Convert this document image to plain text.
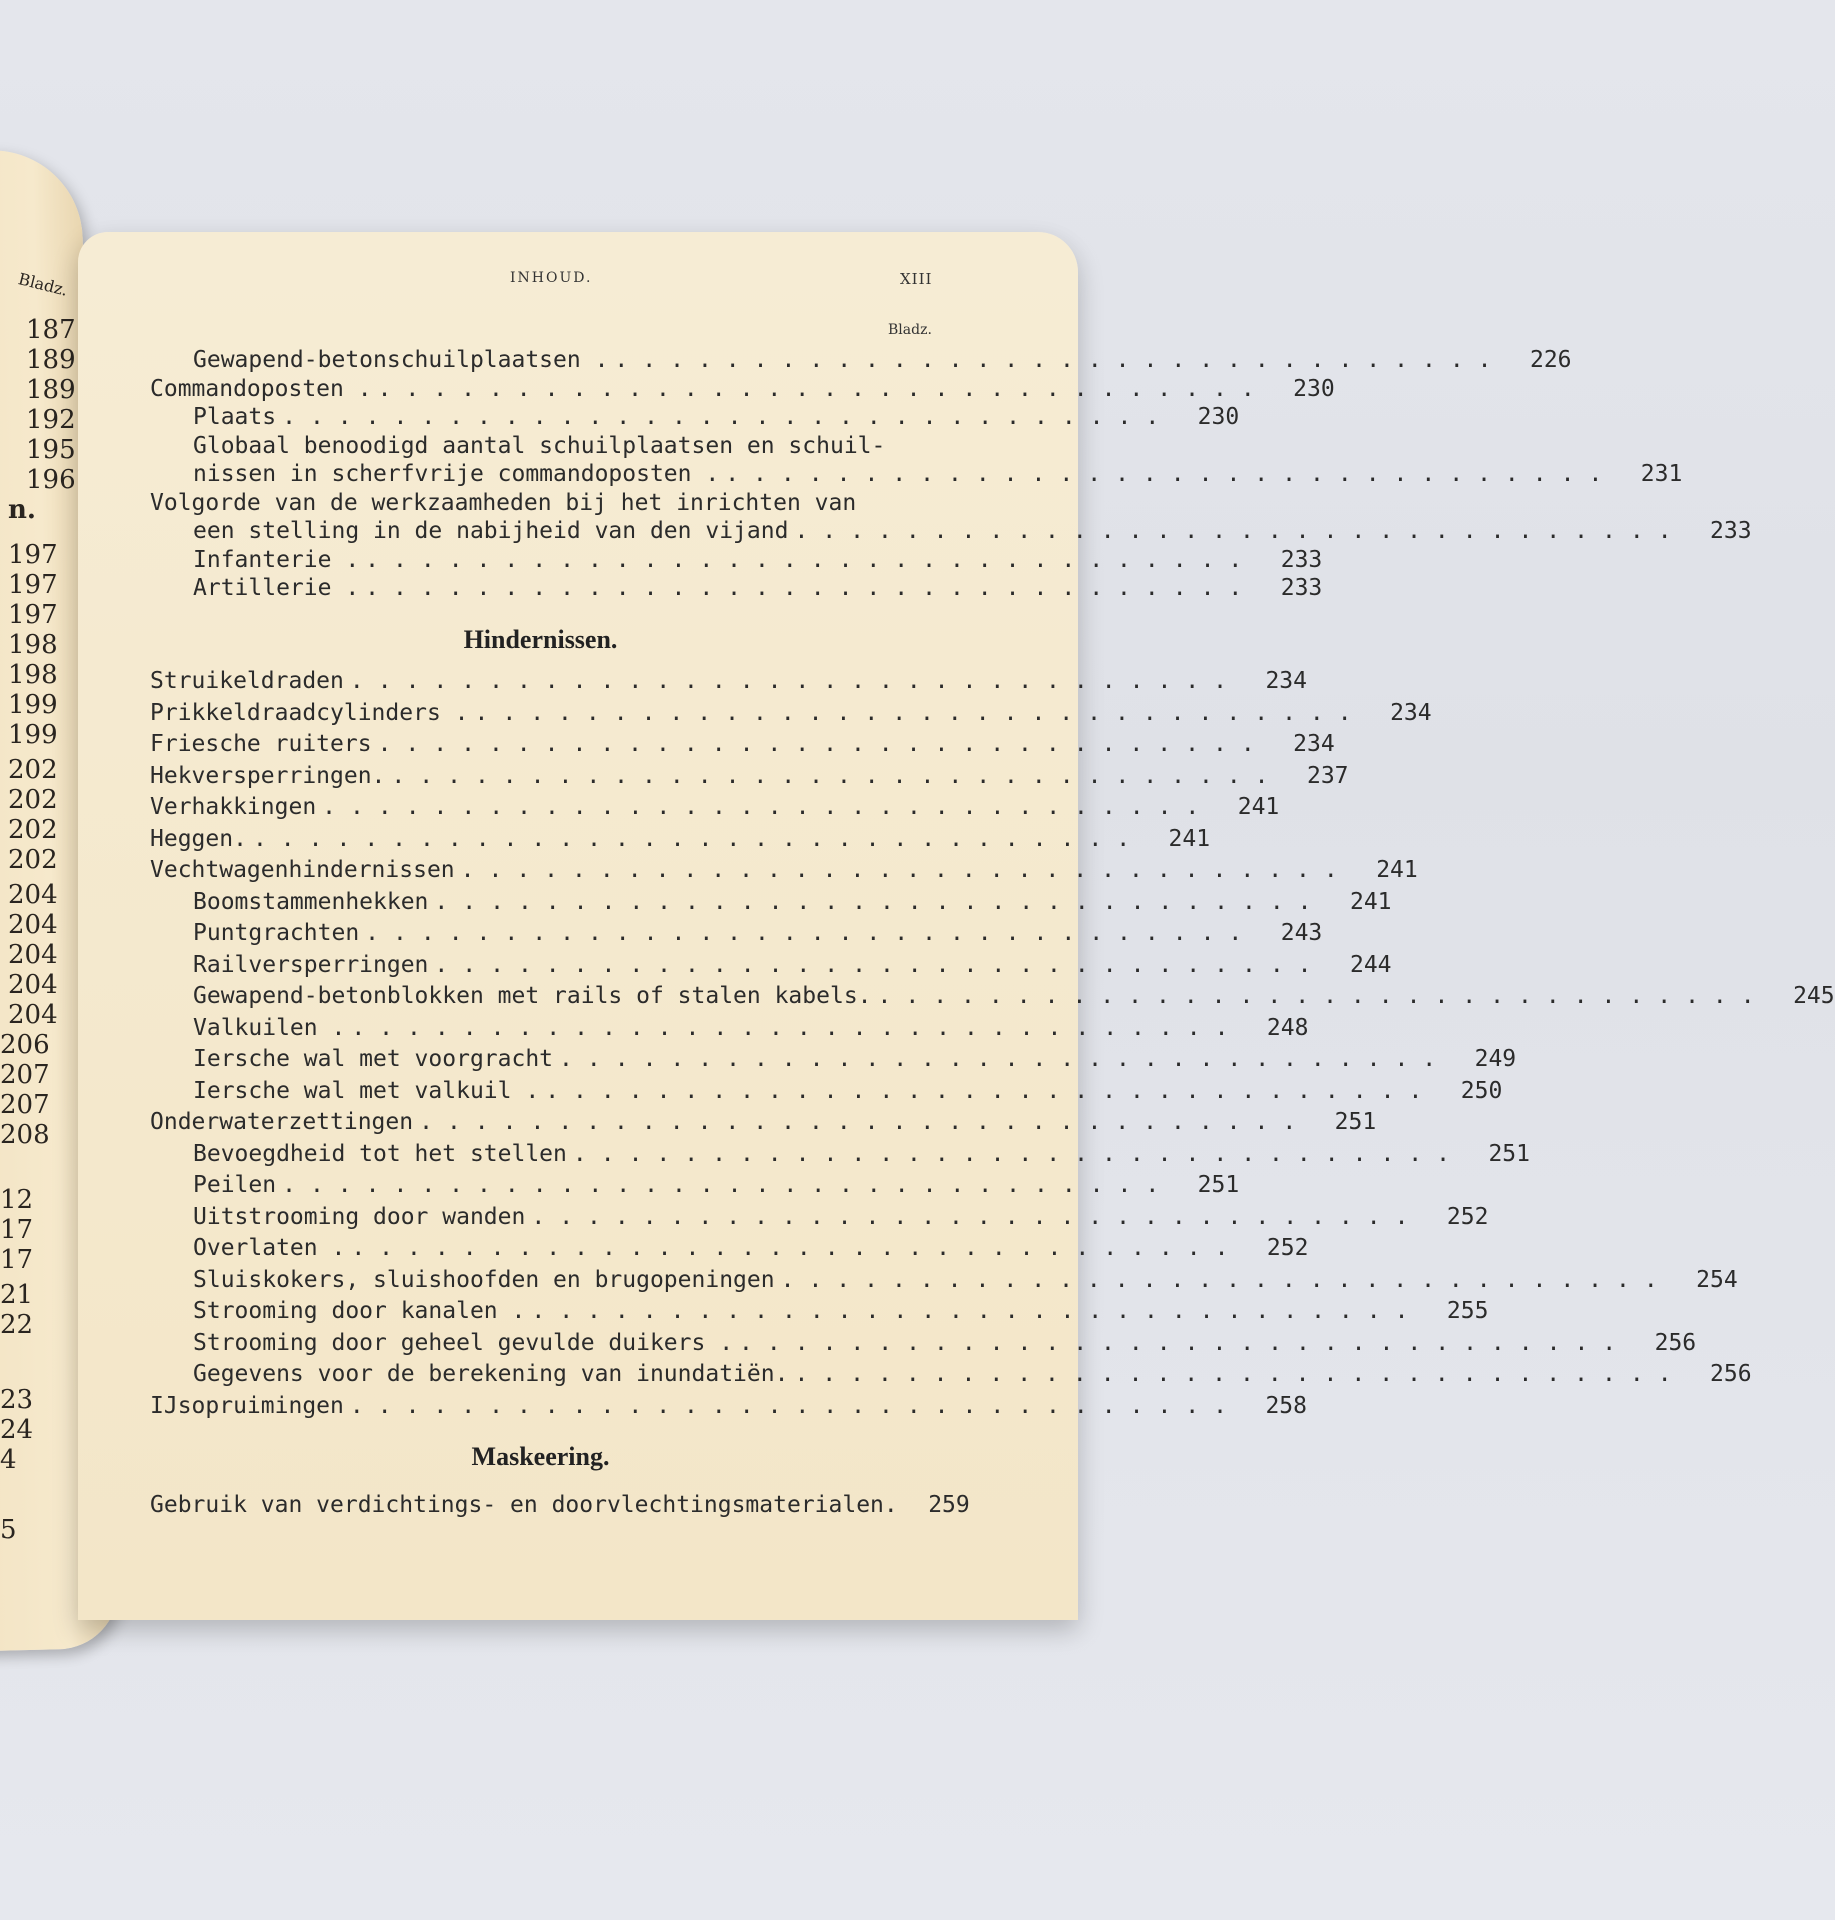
Bladz.
187
189
189
192
195
196
n.
197
197
197
198
198
199
199
202
202
202
202
204
204
204
204
204
206
207
207
208
12
17
17
21
22
23
24
4
5
INHOUD.	XIII
Bladz.
Gewapend-betonschuilplaatsen . ................................	226
Commandoposten . ................................	230
Plaats ................................	230
Globaal benoodigd aantal schuilplaatsen en schuil-
nissen in scherfvrije commandoposten . ................................	231
Volgorde van de werkzaamheden bij het inrichten van
een stelling in de nabijheid van den vijand ................................	233
Infanterie . ................................	233
Artillerie . ................................	233
Hindernissen.
Struikeldraden ................................	234
Prikkeldraadcylinders . ................................	234
Friesche ruiters ................................	234
Hekversperringen. ................................	237
Verhakkingen ................................	241
Heggen. ................................	241
Vechtwagenhindernissen ................................	241
Boomstammenhekken ................................	241
Puntgrachten ................................	243
Railversperringen ................................	244
Gewapend-betonblokken met rails of stalen kabels. ................................	245
Valkuilen . ................................	248
Iersche wal met voorgracht ................................	249
Iersche wal met valkuil . ................................	250
Onderwaterzettingen ................................	251
Bevoegdheid tot het stellen ................................	251
Peilen ................................	251
Uitstrooming door wanden ................................	252
Overlaten . ................................	252
Sluiskokers, sluishoofden en brugopeningen ................................	254
Strooming door kanalen . ................................	255
Strooming door geheel gevulde duikers . ................................	256
Gegevens voor de berekening van inundatiën. ................................	256
IJsopruimingen ................................	258
Maskeering.
Gebruik van verdichtings- en doorvlechtingsmaterialen.	259
